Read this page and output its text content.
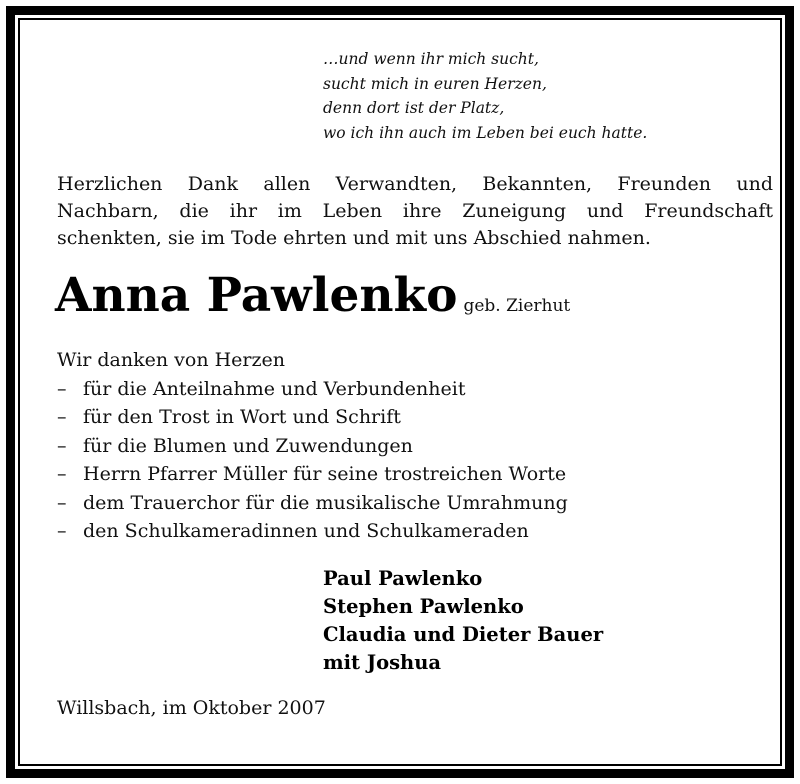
…und wenn ihr mich sucht,
sucht mich in euren Herzen,
denn dort ist der Platz,
wo ich ihn auch im Leben bei euch hatte.
Herzlichen Dank allen Verwandten, Bekannten, Freunden und
Nachbarn, die ihr im Leben ihre Zuneigung und Freundschaft
schenkten, sie im Tode ehrten und mit uns Abschied nahmen.
Anna Pawlenko geb. Zierhut
Wir danken von Herzen
– für die Anteilnahme und Verbundenheit
– für den Trost in Wort und Schrift
– für die Blumen und Zuwendungen
– Herrn Pfarrer Müller für seine trostreichen Worte
– dem Trauerchor für die musikalische Umrahmung
– den Schulkameradinnen und Schulkameraden
Paul Pawlenko
Stephen Pawlenko
Claudia und Dieter Bauer
mit Joshua
Willsbach, im Oktober 2007
